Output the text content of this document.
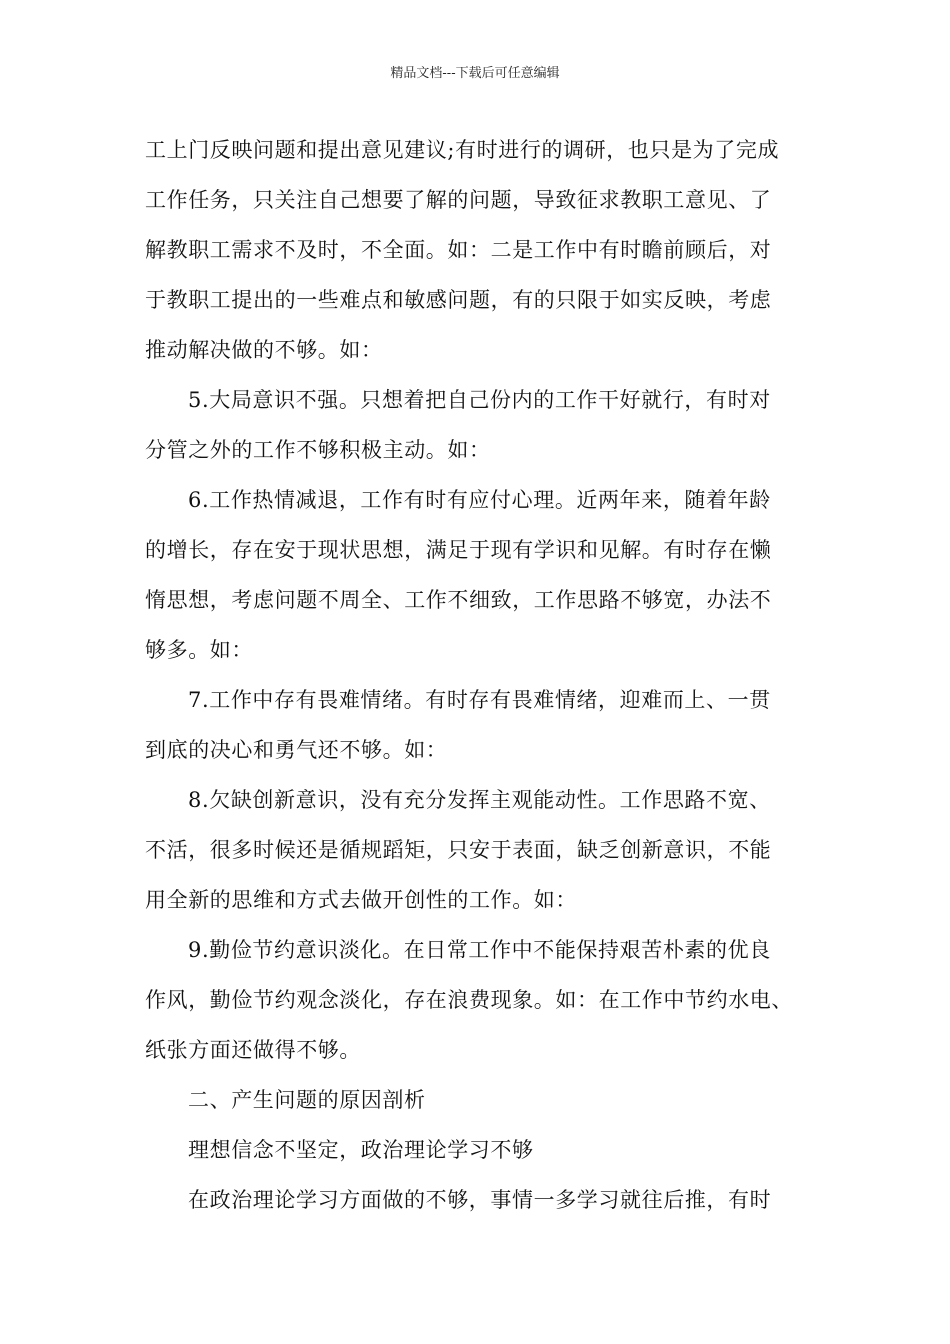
精品文档---下载后可任意编辑
工上门反映问题和提出意见建议;有时进行的调研，也只是为了完成
工作任务，只关注自己想要了解的问题，导致征求教职工意见、了
解教职工需求不及时，不全面。如：二是工作中有时瞻前顾后，对
于教职工提出的一些难点和敏感问题，有的只限于如实反映，考虑
推动解决做的不够。如：
5.大局意识不强。只想着把自己份内的工作干好就行，有时对
分管之外的工作不够积极主动。如：
6.工作热情减退，工作有时有应付心理。近两年来，随着年龄
的增长，存在安于现状思想，满足于现有学识和见解。有时存在懒
惰思想，考虑问题不周全、工作不细致，工作思路不够宽，办法不
够多。如：
7.工作中存有畏难情绪。有时存有畏难情绪，迎难而上、一贯
到底的决心和勇气还不够。如：
8.欠缺创新意识，没有充分发挥主观能动性。工作思路不宽、
不活，很多时候还是循规蹈矩，只安于表面，缺乏创新意识，不能
用全新的思维和方式去做开创性的工作。如：
9.勤俭节约意识淡化。在日常工作中不能保持艰苦朴素的优良
作风，勤俭节约观念淡化，存在浪费现象。如：在工作中节约水电、
纸张方面还做得不够。
二、产生问题的原因剖析
理想信念不坚定，政治理论学习不够
在政治理论学习方面做的不够，事情一多学习就往后推，有时
